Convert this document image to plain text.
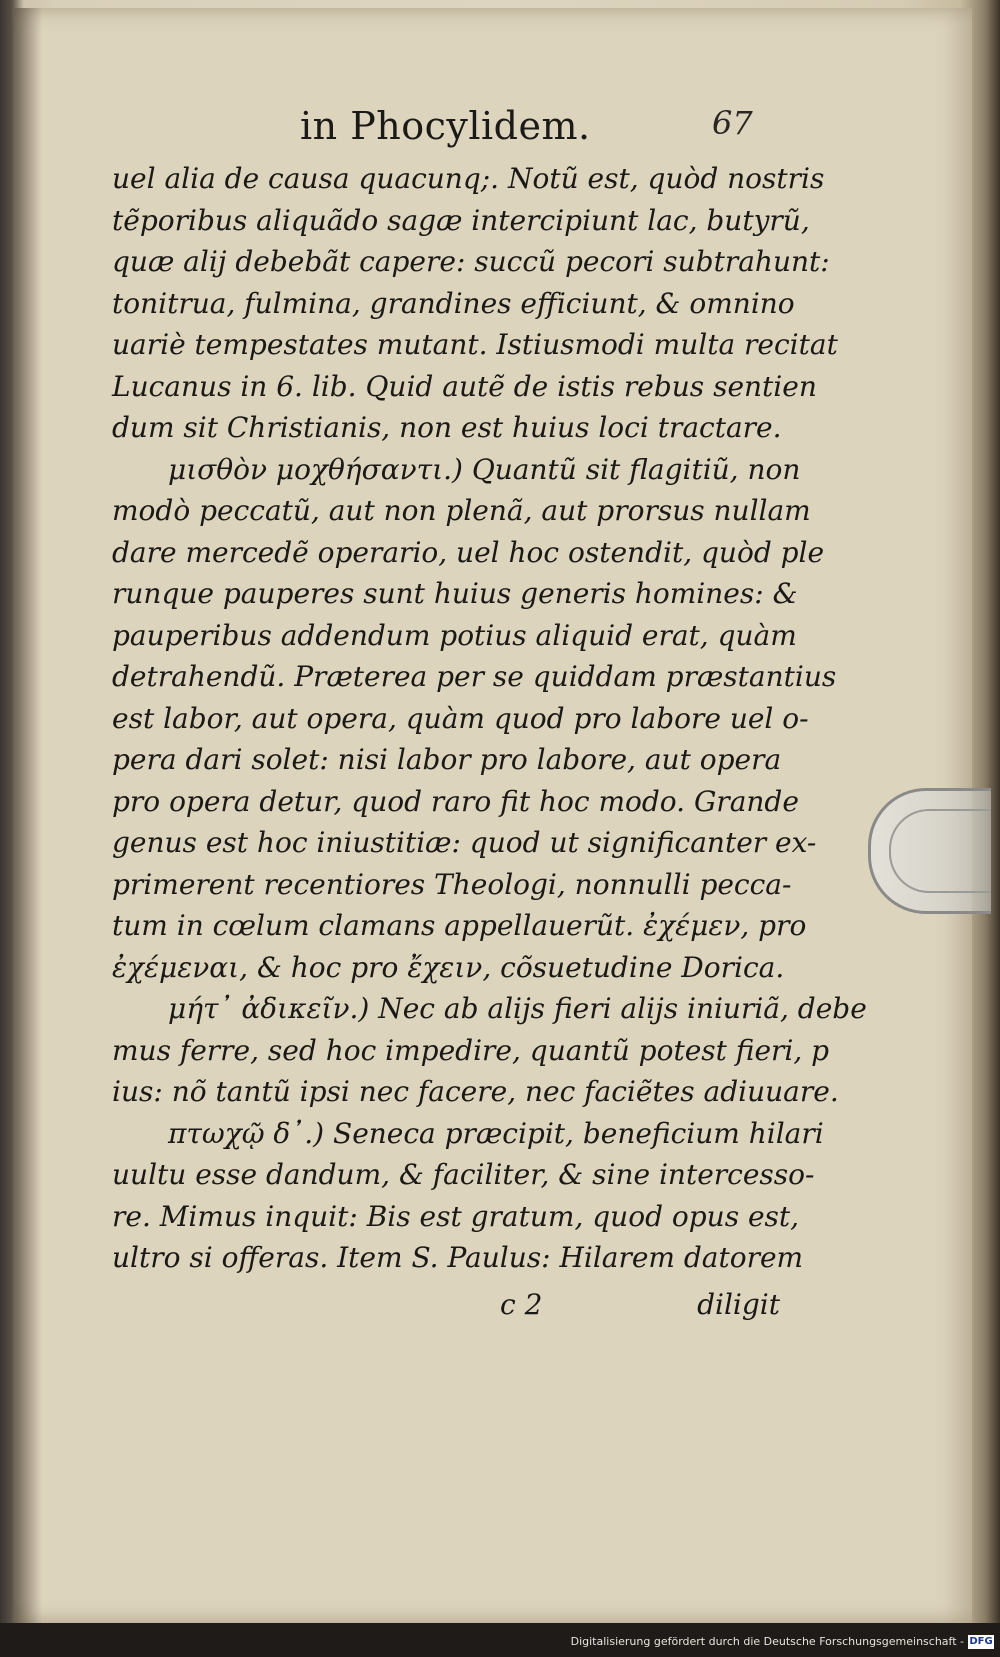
in Phocylidem.	67
uel alia de causa quacunq;. Notũ est, quòd nostris
tẽporibus aliquãdo sagæ intercipiunt lac, butyrũ,
quæ alij debebãt capere: succũ pecori subtrahunt:
tonitrua, fulmina, grandines efficiunt, & omnino
uariè tempestates mutant. Istiusmodi multa recitat
Lucanus in 6. lib. Quid autẽ de istis rebus sentien
dum sit Christianis, non est huius loci tractare.
μισθὸν μοχθήσαντι.) Quantũ sit flagitiũ, non
modò peccatũ, aut non plenã, aut prorsus nullam
dare mercedẽ operario, uel hoc ostendit, quòd ple
runque pauperes sunt huius generis homines: &
pauperibus addendum potius aliquid erat, quàm
detrahendũ. Præterea per se quiddam præstantius
est labor, aut opera, quàm quod pro labore uel o-
pera dari solet: nisi labor pro labore, aut opera
pro opera detur, quod raro fit hoc modo. Grande
genus est hoc iniustitiæ: quod ut significanter ex-
primerent recentiores Theologi, nonnulli pecca-
tum in cœlum clamans appellauerũt. ἐχέμεν, pro
ἐχέμεναι, & hoc pro ἔχειν, cõsuetudine Dorica.
μήτ᾽ ἀδικεῖν.) Nec ab alijs fieri alijs iniuriã, debe
mus ferre, sed hoc impedire, quantũ potest fieri, p
ius: nõ tantũ ipsi nec facere, nec faciẽtes adiuuare.
πτωχῷ δ᾽.) Seneca præcipit, beneficium hilari
uultu esse dandum, & faciliter, & sine intercesso-
re. Mimus inquit: Bis est gratum, quod opus est,
ultro si offeras. Item S. Paulus: Hilarem datorem
c 2	diligit
Digitalisierung gefördert durch die Deutsche Forschungsgemeinschaft - DFG
